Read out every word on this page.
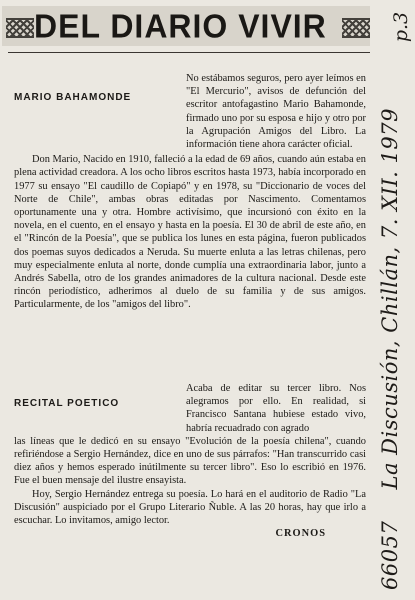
DEL DIARIO VIVIR
MARIO BAHAMONDE

No estábamos seguros, pero ayer leímos en "El Mercurio", avisos de defunción del escritor antofagastino Mario Bahamonde, firmado uno por su esposa e hijo y otro por la Agrupación Amigos del Libro. La información tiene ahora carácter oficial.

Don Mario, Nacido en 1910, falleció a la edad de 69 años, cuando aún estaba en plena actividad creadora. A los ocho libros escritos hasta 1973, había incorporado en 1977 su ensayo "El caudillo de Copiapó" y en 1978, su "Diccionario de voces del Norte de Chile", ambas obras editadas por Nascimento. Comentamos oportunamente una y otra. Hombre activísimo, que incursionó con éxito en la novela, en el cuento, en el ensayo y hasta en la poesía. El 30 de abril de este año, en el "Rincón de la Poesía", que se publica los lunes en esta página, fueron publicados dos poemas suyos dedicados a Neruda. Su muerte enluta a las letras chilenas, pero muy especialmente enluta al norte, donde cumplía una extraordinaria labor, junto a Andrés Sabella, otro de los grandes animadores de la cultura nacional. Desde este rincón periodístico, adherimos al duelo de su familia y de sus amigos. Particularmente, de los "amigos del libro".

RECITAL POETICO

Acaba de editar su tercer libro. Nos alegramos por ello. En realidad, si Francisco Santana hubiese estado vivo, habría recuadrado con agrado

las líneas que le dedicó en su ensayo "Evolución de la poesía chilena", cuando refiriéndose a Sergio Hernández, dice en uno de sus párrafos: "Han transcurrido casi diez años y hemos esperado inútilmente su tercer libro". Eso lo escribió en 1976. Fue el buen mensaje del ilustre ensayista.

Hoy, Sergio Hernández entrega su poesía. Lo hará en el auditorio de Radio "La Discusión" auspiciado por el Grupo Literario Ñuble. A las 20 horas, hay que irlo a escuchar. Lo invitamos, amigo lector.

CRONOS

p.3
66057 La Discusión, Chillán, 7. XII. 1979
